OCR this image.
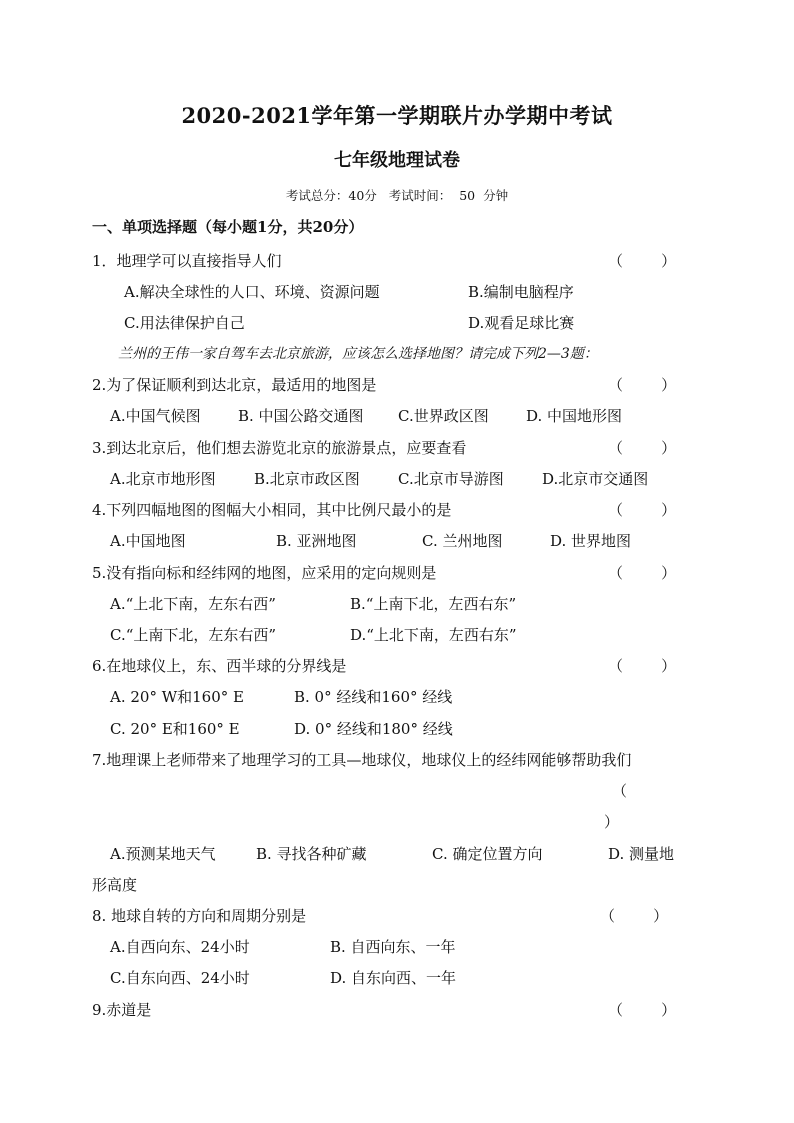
2020-2021学年第一学期联片办学期中考试
七年级地理试卷
考试总分：40分 考试时间：  50  分钟
一、单项选择题（每小题1分，共20分）
1．地理学可以直接指导人们	（        ）
A.解决全球性的人口、环境、资源问题	B.编制电脑程序
C.用法律保护自己	D.观看足球比赛
兰州的王伟一家自驾车去北京旅游，应该怎么选择地图？请完成下列2—3题：
2.为了保证顺利到达北京，最适用的地图是	（        ）
A.中国气候图 B. 中国公路交通图 C.世界政区图 D. 中国地形图
3.到达北京后，他们想去游览北京的旅游景点，应要查看	（        ）
A.北京市地形图	B.北京市政区图	C.北京市导游图	D.北京市交通图
4.下列四幅地图的图幅大小相同，其中比例尺最小的是	（        ）
A.中国地图	B. 亚洲地图	C. 兰州地图	D. 世界地图
5.没有指向标和经纬网的地图，应采用的定向规则是	（        ）
A.“上北下南，左东右西”	B.“上南下北，左西右东”
C.“上南下北，左东右西”	D.“上北下南，左西右东”
6.在地球仪上，东、西半球的分界线是	（        ）
A. 20° W和160° E	B. 0° 经线和160° 经线
C. 20° E和160° E	D. 0° 经线和180° 经线
7.地理课上老师带来了地理学习的工具—地球仪，地球仪上的经纬网能够帮助我们
（
）
A.预测某地天气	B. 寻找各种矿藏	C. 确定位置方向	D. 测量地
形高度
8. 地球自转的方向和周期分别是	（        ）
A.自西向东、24小时	B. 自西向东、一年
C.自东向西、24小时	D. 自东向西、一年
9.赤道是	（        ）
